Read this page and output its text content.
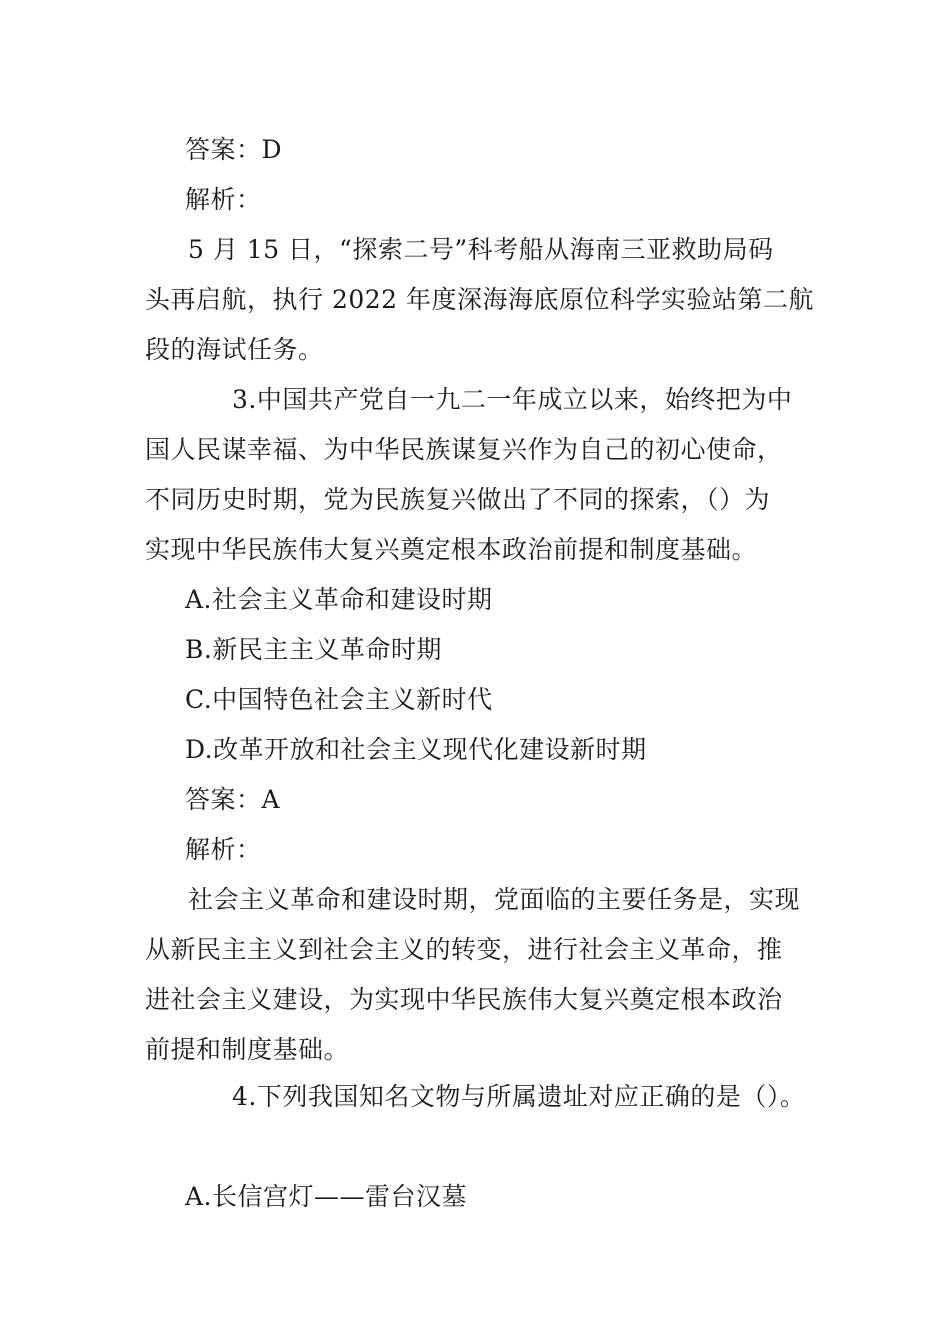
答案：D
解析：
5 月 15 日，“探索二号”科考船从海南三亚救助局码
头再启航，执行 2022 年度深海海底原位科学实验站第二航
段的海试任务。
3.中国共产党自一九二一年成立以来，始终把为中
国人民谋幸福、为中华民族谋复兴作为自己的初心使命，
不同历史时期，党为民族复兴做出了不同的探索，（）为
实现中华民族伟大复兴奠定根本政治前提和制度基础。
A.社会主义革命和建设时期
B.新民主主义革命时期
C.中国特色社会主义新时代
D.改革开放和社会主义现代化建设新时期
答案：A
解析：
社会主义革命和建设时期，党面临的主要任务是，实现
从新民主主义到社会主义的转变，进行社会主义革命，推
进社会主义建设，为实现中华民族伟大复兴奠定根本政治
前提和制度基础。
4.下列我国知名文物与所属遗址对应正确的是（）。
A.长信宫灯——雷台汉墓
